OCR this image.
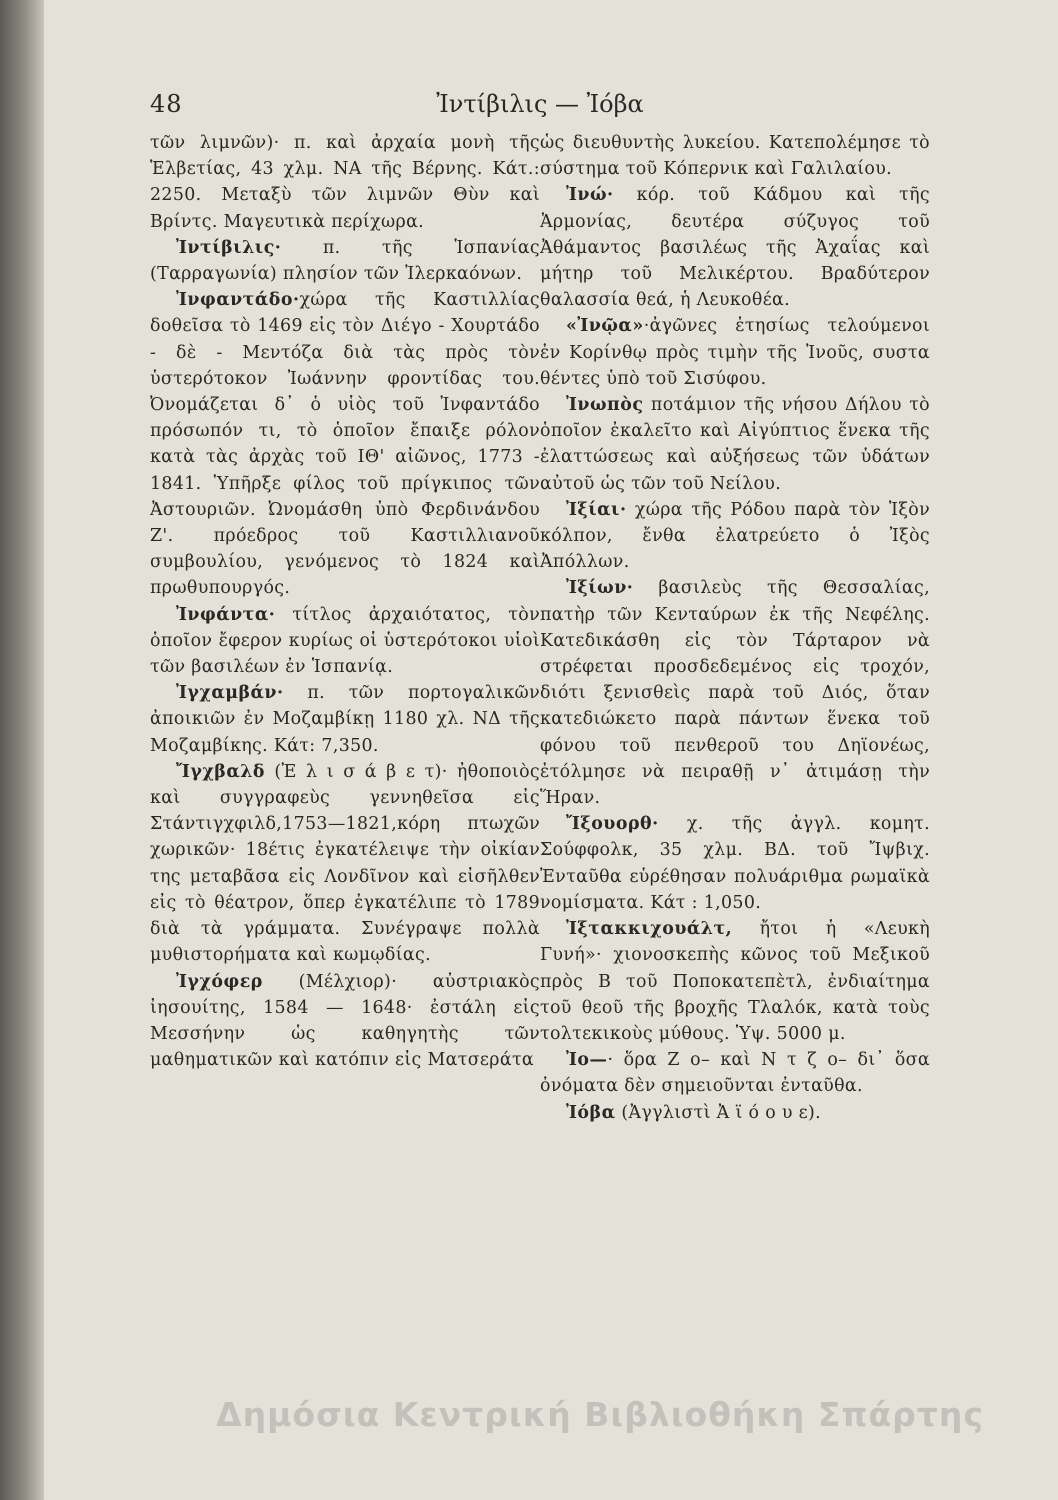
48	Ἰντίβιλις — Ἰόβα

τῶν λιμνῶν)· π. καὶ ἀρχαία μονὴ τῆς Ἑλβετίας, 43 χλμ. ΝΑ τῆς Βέρνης. Κάτ.: 2250. Μεταξὺ τῶν λιμνῶν Θὺν καὶ Βρίντς. Μαγευτικὰ περίχωρα.

Ἰντίβιλις· π. τῆς Ἱσπανίας (Ταρραγωνία) πλησίον τῶν Ἰλερκαόνων.

Ἰνφαντάδο·χώρα τῆς Καστιλλίας δοθεῖσα τὸ 1469 εἰς τὸν Διέγο - Χουρτάδο - δὲ - Μεντόζα διὰ τὰς πρὸς τὸν ὑστερότοκον Ἰωάννην φροντίδας του. Ὀνομάζεται δ᾽ ὁ υἱὸς τοῦ Ἰνφαντάδο πρόσωπόν τι, τὸ ὁποῖον ἔπαιξε ρόλον κατὰ τὰς ἀρχὰς τοῦ ΙΘ' αἰῶνος, 1773 - 1841. Ὑπῆρξε φίλος τοῦ πρίγκιπος τῶν Ἀστουριῶν. Ὠνομάσθη ὑπὸ Φερδινάνδου Ζ'. πρόεδρος τοῦ Καστιλλιανοῦ συμβουλίου, γενόμενος τὸ 1824 καὶ πρωθυπουργός.

Ἰνφάντα· τίτλος ἀρχαιότατος, τὸν ὁποῖον ἔφερον κυρίως οἱ ὑστερότοκοι υἱοὶ τῶν βασιλέων ἐν Ἱσπανίᾳ.

Ἰγχαμβάν· π. τῶν πορτογαλικῶν ἀποικιῶν ἐν Μοζαμβίκῃ 1180 χλ. ΝΔ τῆς Μοζαμβίκης. Κάτ: 7,350.

Ἴγχβαλδ (Ἐ λ ι σ ά β ε τ)· ἠθοποιὸς καὶ συγγραφεὺς γεννηθεῖσα εἰς Στάντιγχφιλδ,1753—1821,κόρη πτωχῶν χωρικῶν· 18έτις ἐγκατέλειψε τὴν οἰκίαν της μεταβᾶσα εἰς Λονδῖνον καὶ εἰσῆλθεν εἰς τὸ θέατρον, ὅπερ ἐγκατέλιπε τὸ 1789 διὰ τὰ γράμματα. Συνέγραψε πολλὰ μυθιστορήματα καὶ κωμῳδίας.

Ἰγχόφερ (Μέλχιορ)· αὐστριακὸς ἰησουίτης, 1584 — 1648· ἐστάλη εἰς Μεσσήνην ὡς καθηγητὴς τῶν μαθηματικῶν καὶ κατόπιν εἰς Ματσεράτα

ὡς διευθυντὴς λυκείου. Κατεπολέμησε τὸ σύστημα τοῦ Κόπερνικ καὶ Γαλιλαίου.

Ἰνώ· κόρ. τοῦ Κάδμου καὶ τῆς Ἁρμονίας, δευτέρα σύζυγος τοῦ Ἀθάμαντος βασιλέως τῆς Ἀχαΐας καὶ μήτηρ τοῦ Μελικέρτου. Βραδύτερον θαλασσία θεά, ἡ Λευκοθέα.

«Ἰνῷα»·ἀγῶνες ἐτησίως τελούμενοι ἐν Κορίνθῳ πρὸς τιμὴν τῆς Ἰνοῦς, συστα θέντες ὑπὸ τοῦ Σισύφου.

Ἰνωπὸς ποτάμιον τῆς νήσου Δήλου τὸ ὁποῖον ἐκαλεῖτο καὶ Αἰγύπτιος ἕνεκα τῆς ἐλαττώσεως καὶ αὐξήσεως τῶν ὑδάτων αὐτοῦ ὡς τῶν τοῦ Νείλου.

Ἰξίαι· χώρα τῆς Ρόδου παρὰ τὸν Ἰξὸν κόλπον, ἔνθα ἐλατρεύετο ὁ Ἰξὸς Ἀπόλλων.

Ἰξίων· βασιλεὺς τῆς Θεσσαλίας, πατὴρ τῶν Κενταύρων ἐκ τῆς Νεφέλης. Κατεδικάσθη εἰς τὸν Τάρταρον νὰ στρέφεται προσδεδεμένος εἰς τροχόν, διότι ξενισθεὶς παρὰ τοῦ Διός, ὅταν κατεδιώκετο παρὰ πάντων ἕνεκα τοῦ φόνου τοῦ πενθεροῦ του Δηϊονέως, ἐτόλμησε νὰ πειραθῇ ν᾽ ἀτιμάσῃ τὴν Ἥραν.

Ἴξουορθ· χ. τῆς ἀγγλ. κομητ. Σούφφολκ, 35 χλμ. ΒΔ. τοῦ Ἴψβιχ. Ἐνταῦθα εὑρέθησαν πολυάριθμα ρωμαϊκὰ νομίσματα. Κάτ : 1,050.

Ἰξτακκιχουάλτ, ἤτοι ἡ «Λευκὴ Γυνή»· χιονοσκεπὴς κῶνος τοῦ Μεξικοῦ πρὸς Β τοῦ Ποποκατεπὲτλ, ἐνδιαίτημα τοῦ θεοῦ τῆς βροχῆς Τλαλόκ, κατὰ τοὺς τολτεκικοὺς μύθους. Ὑψ. 5000 μ.

Ἰο—· ὅρα Ζ ο– καὶ Ν τ ζ ο– δι᾽ ὅσα ὀνόματα δὲν σημειοῦνται ἐνταῦθα.

Ἰόβα (Ἀγγλιστὶ Ἀ ϊ ό ο υ ε).

Δημόσια Κεντρική Βιβλιοθήκη Σπάρτης
